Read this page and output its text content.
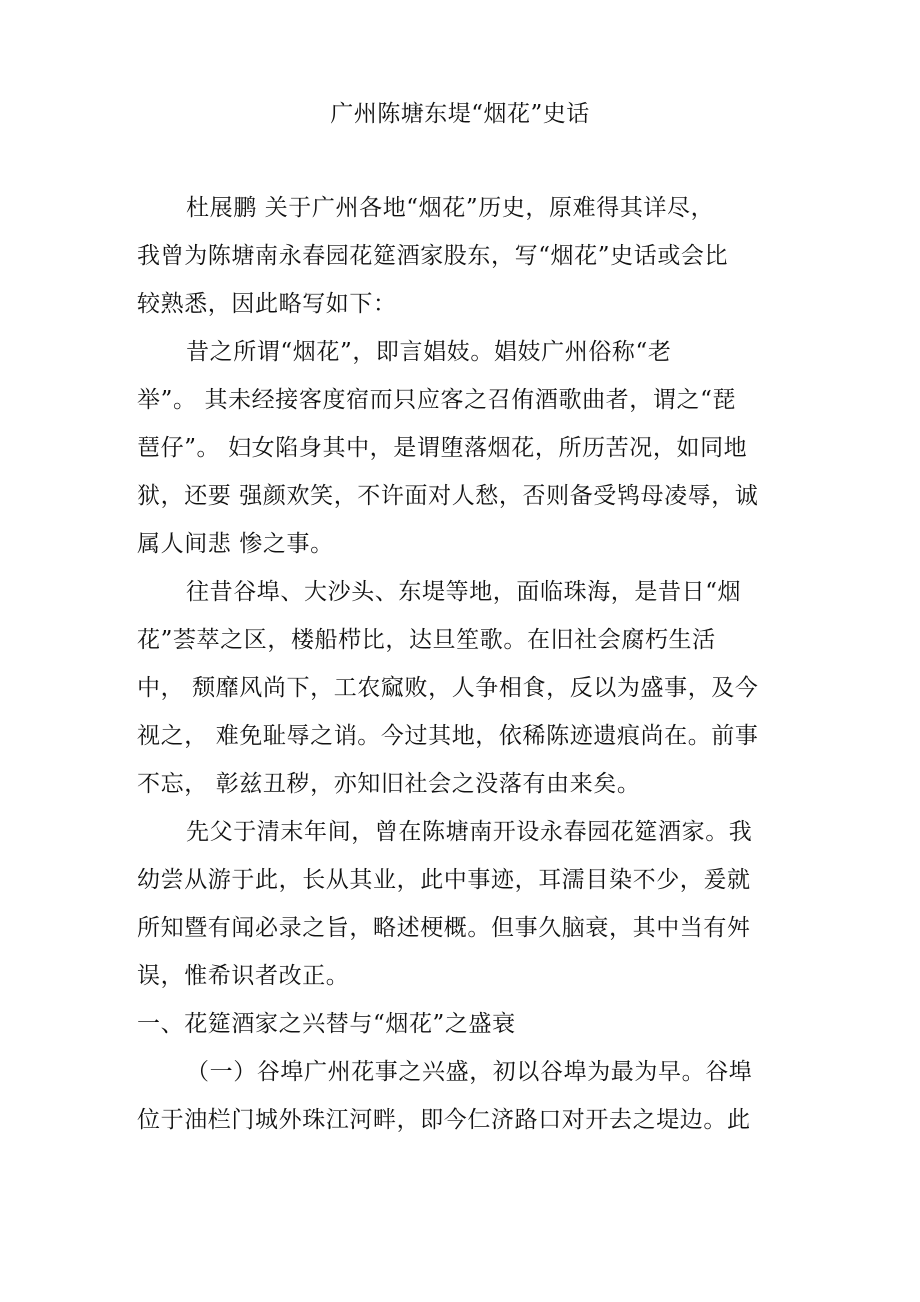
广州陈塘东堤“烟花”史话
杜展鹏 关于广州各地“烟花”历史，原难得其详尽，
我曾为陈塘南永春园花筵酒家股东，写“烟花”史话或会比
较熟悉，因此略写如下：
昔之所谓“烟花”，即言娼妓。娼妓广州俗称“老
举”。 其未经接客度宿而只应客之召侑酒歌曲者，谓之“琵
琶仔”。 妇女陷身其中，是谓堕落烟花，所历苦况，如同地
狱，还要 强颜欢笑，不许面对人愁，否则备受鸨母凌辱，诚
属人间悲 惨之事。
往昔谷埠、大沙头、东堤等地，面临珠海，是昔日“烟
花”荟萃之区，楼船栉比，达旦笙歌。在旧社会腐朽生活
中， 颓靡风尚下，工农窳败，人争相食，反以为盛事，及今
视之， 难免耻辱之诮。今过其地，依稀陈迹遗痕尚在。前事
不忘， 彰兹丑秽，亦知旧社会之没落有由来矣。
先父于清末年间，曾在陈塘南开设永春园花筵酒家。我
幼尝从游于此，长从其业，此中事迹，耳濡目染不少，爰就
所知暨有闻必录之旨，略述梗概。但事久脑衰，其中当有舛
误，惟希识者改正。
一、花筵酒家之兴替与“烟花”之盛衰
（一）谷埠广州花事之兴盛，初以谷埠为最为早。谷埠
位于油栏门城外珠江河畔，即今仁济路口对开去之堤边。此
